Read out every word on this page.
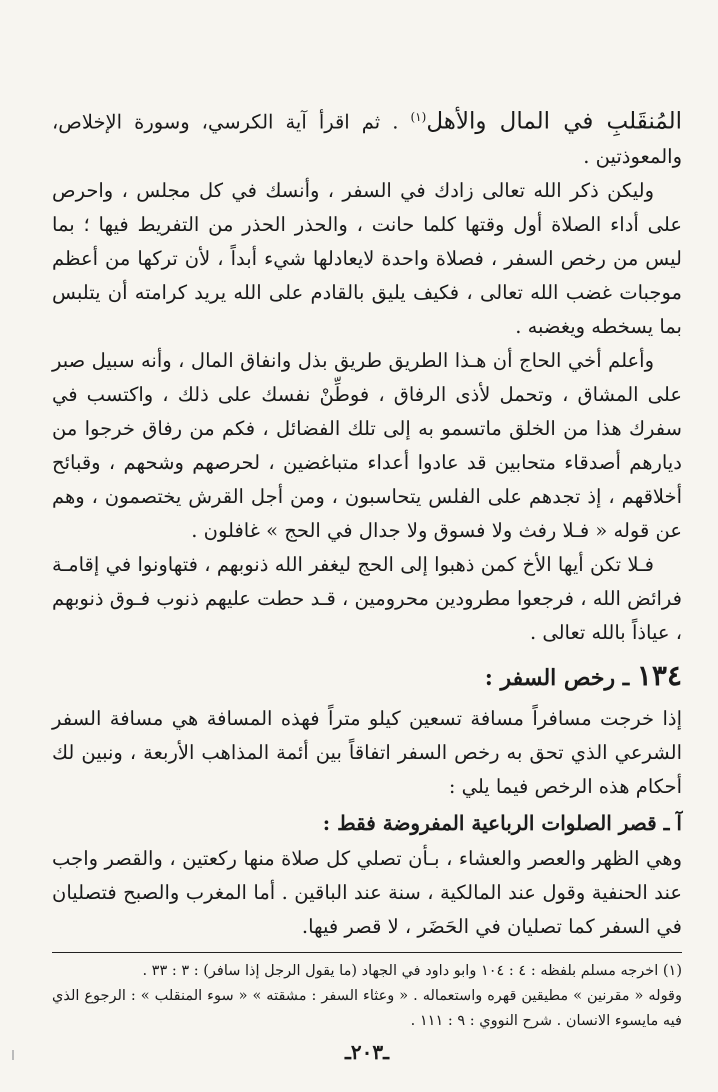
المُنقَلبِ في المال والأهل$^{(١)}$ . ثم اقرأ آية الكرسي، وسورة الإخلاص، والمعوذتين .

وليكن ذكر الله تعالى زادك في السفر ، وأنسك في كل مجلس ، واحرص على أداء الصلاة أول وقتها كلما حانت ، والحذر الحذر من التفريط فيها ؛ بما ليس من رخص السفر ، فصلاة واحدة لايعادلها شيء أبداً ، لأن تركها من أعظم موجبات غضب الله تعالى ، فكيف يليق بالقادم على الله يريد كرامته أن يتلبس بما يسخطه ويغضبه .

وأعلم أخي الحاج أن هـذا الطريق طريق بذل وانفاق المال ، وأنه سبيل صبر على المشاق ، وتحمل لأذى الرفاق ، فوطِّنْ نفسك على ذلك ، واكتسب في سفرك هذا من الخلق ماتسمو به إلى تلك الفضائل ، فكم من رفاق خرجوا من ديارهم أصدقاء متحابين قد عادوا أعداء متباغضين ، لحرصهم وشحهم ، وقبائح أخلاقهم ، إذ تجدهم على الفلس يتحاسبون ، ومن أجل القرش يختصمون ، وهم عن قوله « فـلا رفث ولا فسوق ولا جدال في الحج » غافلون .

فـلا تكن أيها الأخ كمن ذهبوا إلى الحج ليغفر الله ذنوبهم ، فتهاونوا في إقامـة فرائض الله ، فرجعوا مطرودين محرومين ، قـد حطت عليهم ذنوب فـوق ذنوبهم ، عياذاً بالله تعالى .

١٣٤ ـ رخص السفر :

إذا خرجت مسافراً مسافة تسعين كيلو متراً فهذه المسافة هي مسافة السفر الشرعي الذي تحق به رخص السفر اتفاقاً بين أئمة المذاهب الأربعة ، ونبين لك أحكام هذه الرخص فيما يلي :

آ ـ قصر الصلوات الرباعية المفروضة فقط :

وهي الظهر والعصر والعشاء ، بـأن تصلي كل صلاة منها ركعتين ، والقصر واجب عند الحنفية وقول عند المالكية ، سنة عند الباقين . أما المغرب والصبح فتصليان في السفر كما تصليان في الحَضَر ، لا قصر فيها.

(١) اخرجه مسلم بلفظه : ٤ : ١٠٤ وابو داود في الجهاد (ما يقول الرجل إذا سافر) : ٣ : ٣٣ .

وقوله « مقرنين » مطيقين قهره واستعماله . « وعثاء السفر : مشقته » « سوء المنقلب » : الرجوع الذي فيه مايسوء الانسان . شرح النووي : ٩ : ١١١ .

ـ٢٠٣ـ
